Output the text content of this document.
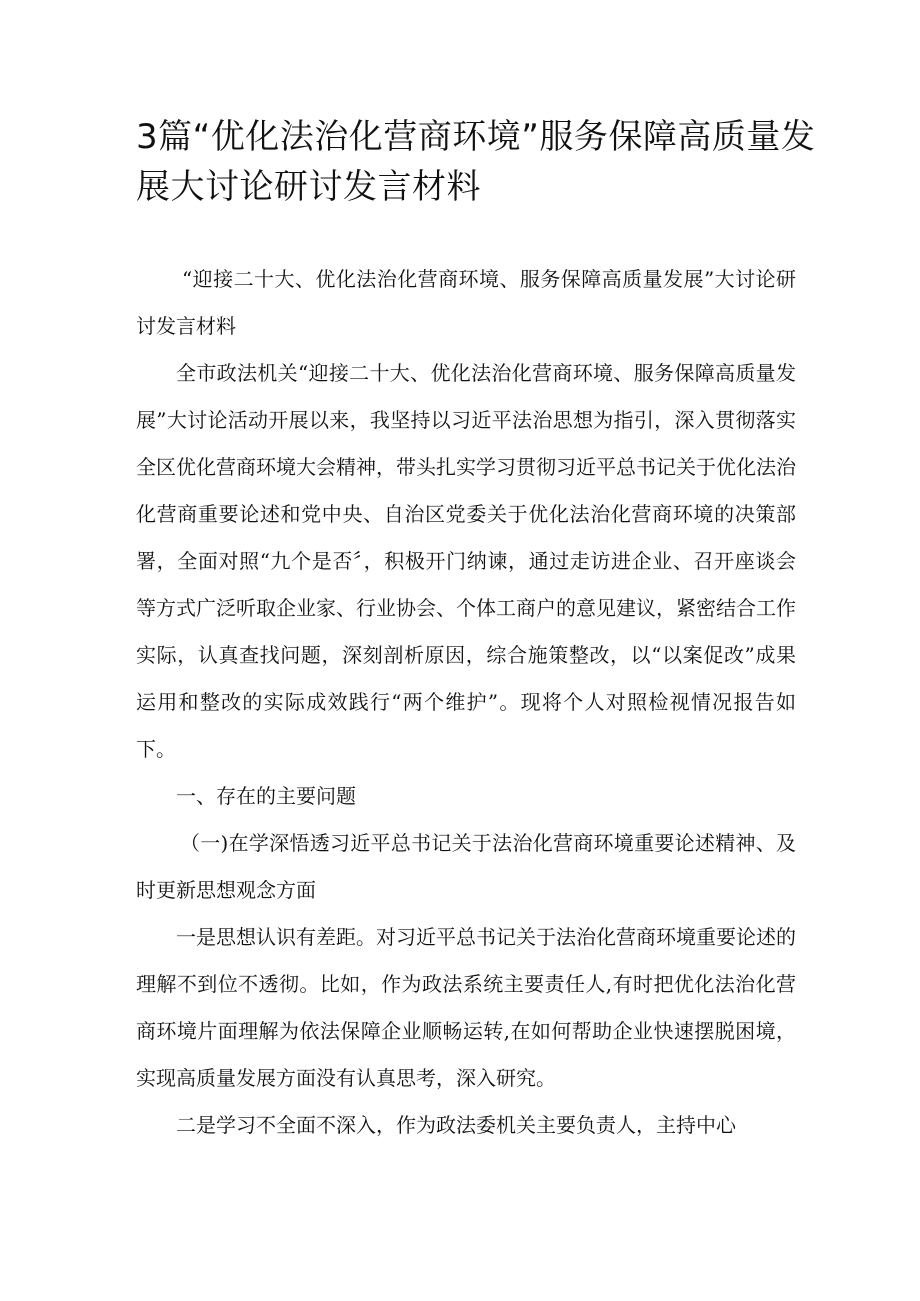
3篇“优化法治化营商环境”服务保障高质量发展大讨论研讨发言材料

“迎接二十大、优化法治化营商环境、服务保障高质量发展”大讨论研讨发言材料

全市政法机关“迎接二十大、优化法治化营商环境、服务保障高质量发展”大讨论活动开展以来，我坚持以习近平法治思想为指引，深入贯彻落实全区优化营商环境大会精神，带头扎实学习贯彻习近平总书记关于优化法治化营商重要论述和党中央、自治区党委关于优化法治化营商环境的决策部署，全面对照“九个是否〞，积极开门纳谏，通过走访进企业、召开座谈会等方式广泛听取企业家、行业协会、个体工商户的意见建议，紧密结合工作实际，认真查找问题，深刻剖析原因，综合施策整改，以“以案促改”成果运用和整改的实际成效践行“两个维护”。现将个人对照检视情况报告如下。

一、存在的主要问题

（一)在学深悟透习近平总书记关于法治化营商环境重要论述精神、及时更新思想观念方面

一是思想认识有差距。对习近平总书记关于法治化营商环境重要论述的理解不到位不透彻。比如，作为政法系统主要责任人,有时把优化法治化营商环境片面理解为依法保障企业顺畅运转,在如何帮助企业快速摆脱困境，实现高质量发展方面没有认真思考，深入研究。

二是学习不全面不深入，作为政法委机关主要负责人，主持中心
